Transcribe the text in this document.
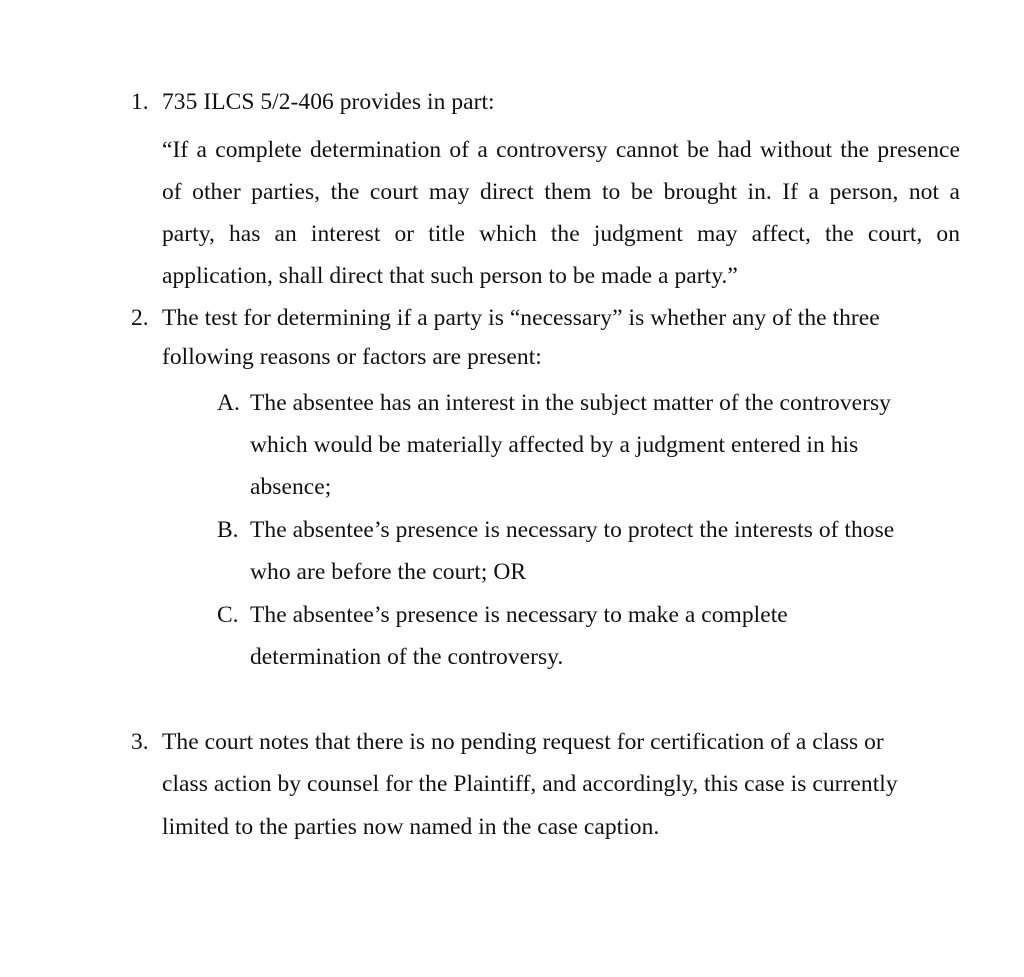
1. 735 ILCS 5/2-406 provides in part:
“If a complete determination of a controversy cannot be had without the presence
of other parties, the court may direct them to be brought in. If a person, not a
party, has an interest or title which the judgment may affect, the court, on
application, shall direct that such person to be made a party.”
2. The test for determining if a party is “necessary” is whether any of the three
following reasons or factors are present:
A. The absentee has an interest in the subject matter of the controversy
which would be materially affected by a judgment entered in his
absence;
B. The absentee’s presence is necessary to protect the interests of those
who are before the court; OR
C. The absentee’s presence is necessary to make a complete
determination of the controversy.
3. The court notes that there is no pending request for certification of a class or
class action by counsel for the Plaintiff, and accordingly, this case is currently
limited to the parties now named in the case caption.
